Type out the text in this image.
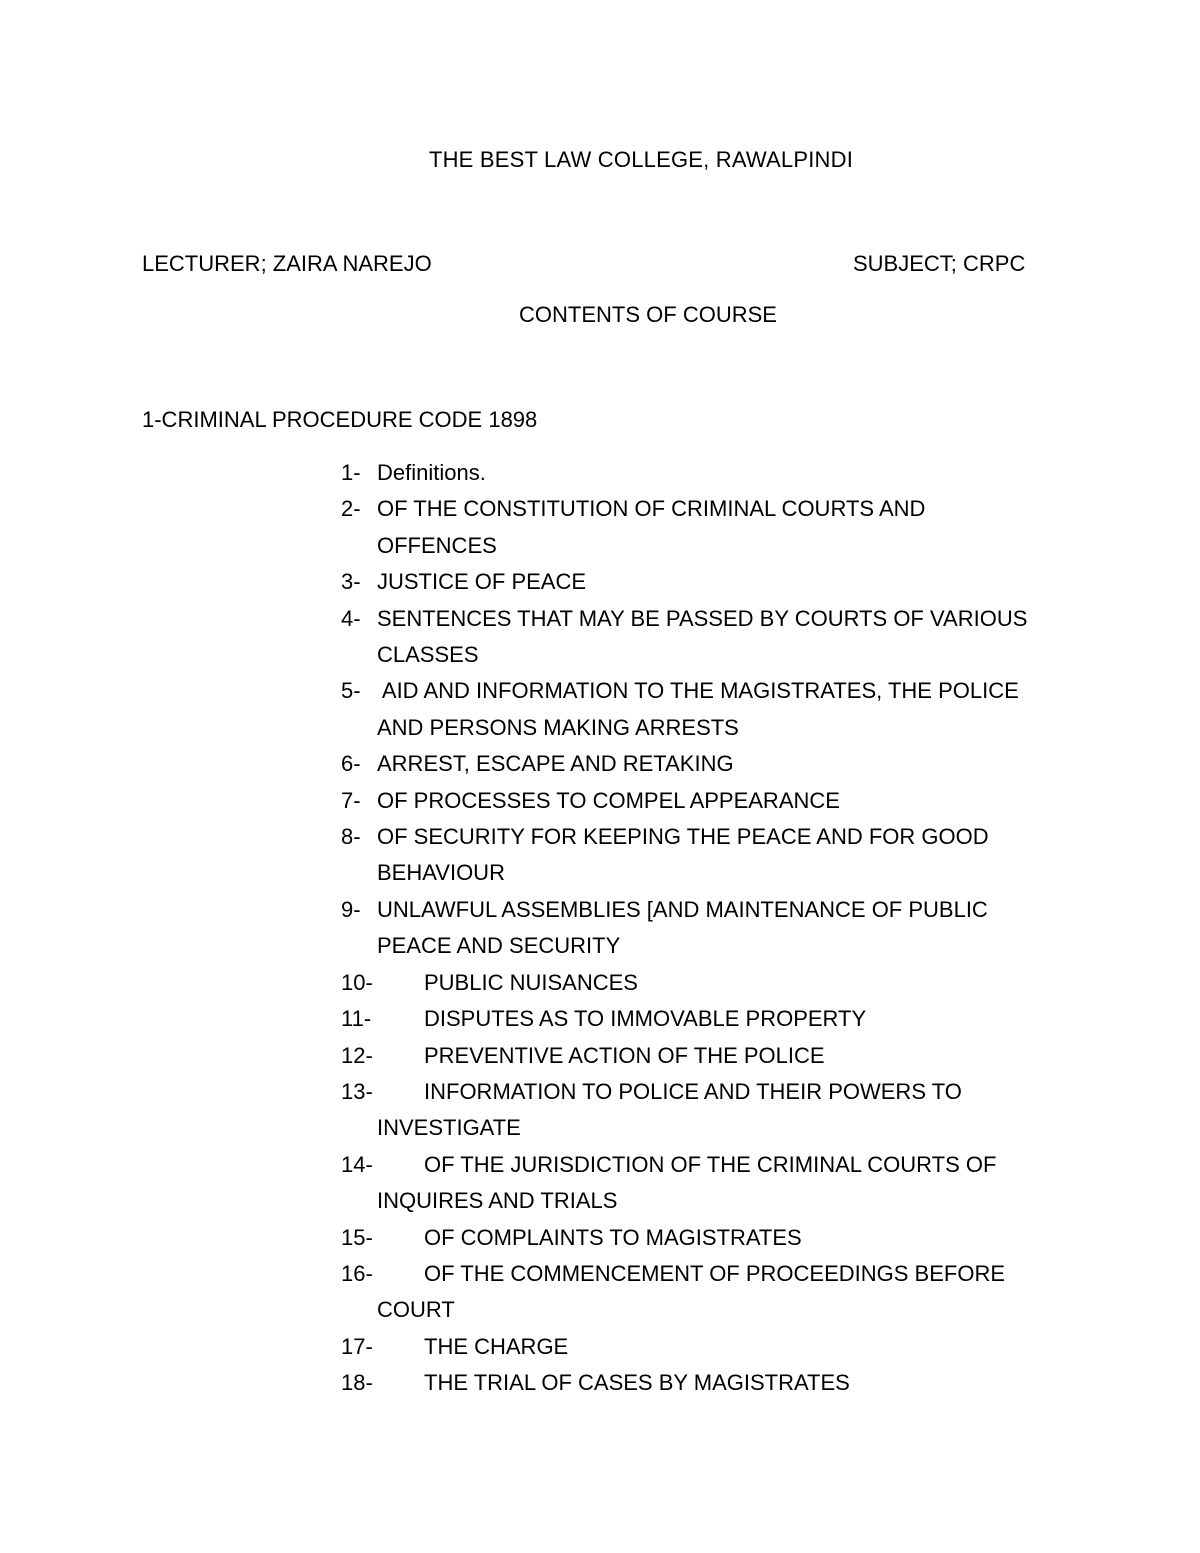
THE BEST LAW COLLEGE, RAWALPINDI
LECTURER; ZAIRA NAREJO	SUBJECT; CRPC
CONTENTS OF COURSE
1-CRIMINAL PROCEDURE CODE 1898
1- Definitions.
2- OF THE CONSTITUTION OF CRIMINAL COURTS AND
OFFENCES
3- JUSTICE OF PEACE
4- SENTENCES THAT MAY BE PASSED BY COURTS OF VARIOUS
CLASSES
5- AID AND INFORMATION TO THE MAGISTRATES, THE POLICE
AND PERSONS MAKING ARRESTS
6- ARREST, ESCAPE AND RETAKING
7- OF PROCESSES TO COMPEL APPEARANCE
8- OF SECURITY FOR KEEPING THE PEACE AND FOR GOOD
BEHAVIOUR
9- UNLAWFUL ASSEMBLIES [AND MAINTENANCE OF PUBLIC
PEACE AND SECURITY
10-	PUBLIC NUISANCES
11-	DISPUTES AS TO IMMOVABLE PROPERTY
12-	PREVENTIVE ACTION OF THE POLICE
13-	INFORMATION TO POLICE AND THEIR POWERS TO
INVESTIGATE
14-	OF THE JURISDICTION OF THE CRIMINAL COURTS OF
INQUIRES AND TRIALS
15-	OF COMPLAINTS TO MAGISTRATES
16-	OF THE COMMENCEMENT OF PROCEEDINGS BEFORE
COURT
17-	THE CHARGE
18-	THE TRIAL OF CASES BY MAGISTRATES
